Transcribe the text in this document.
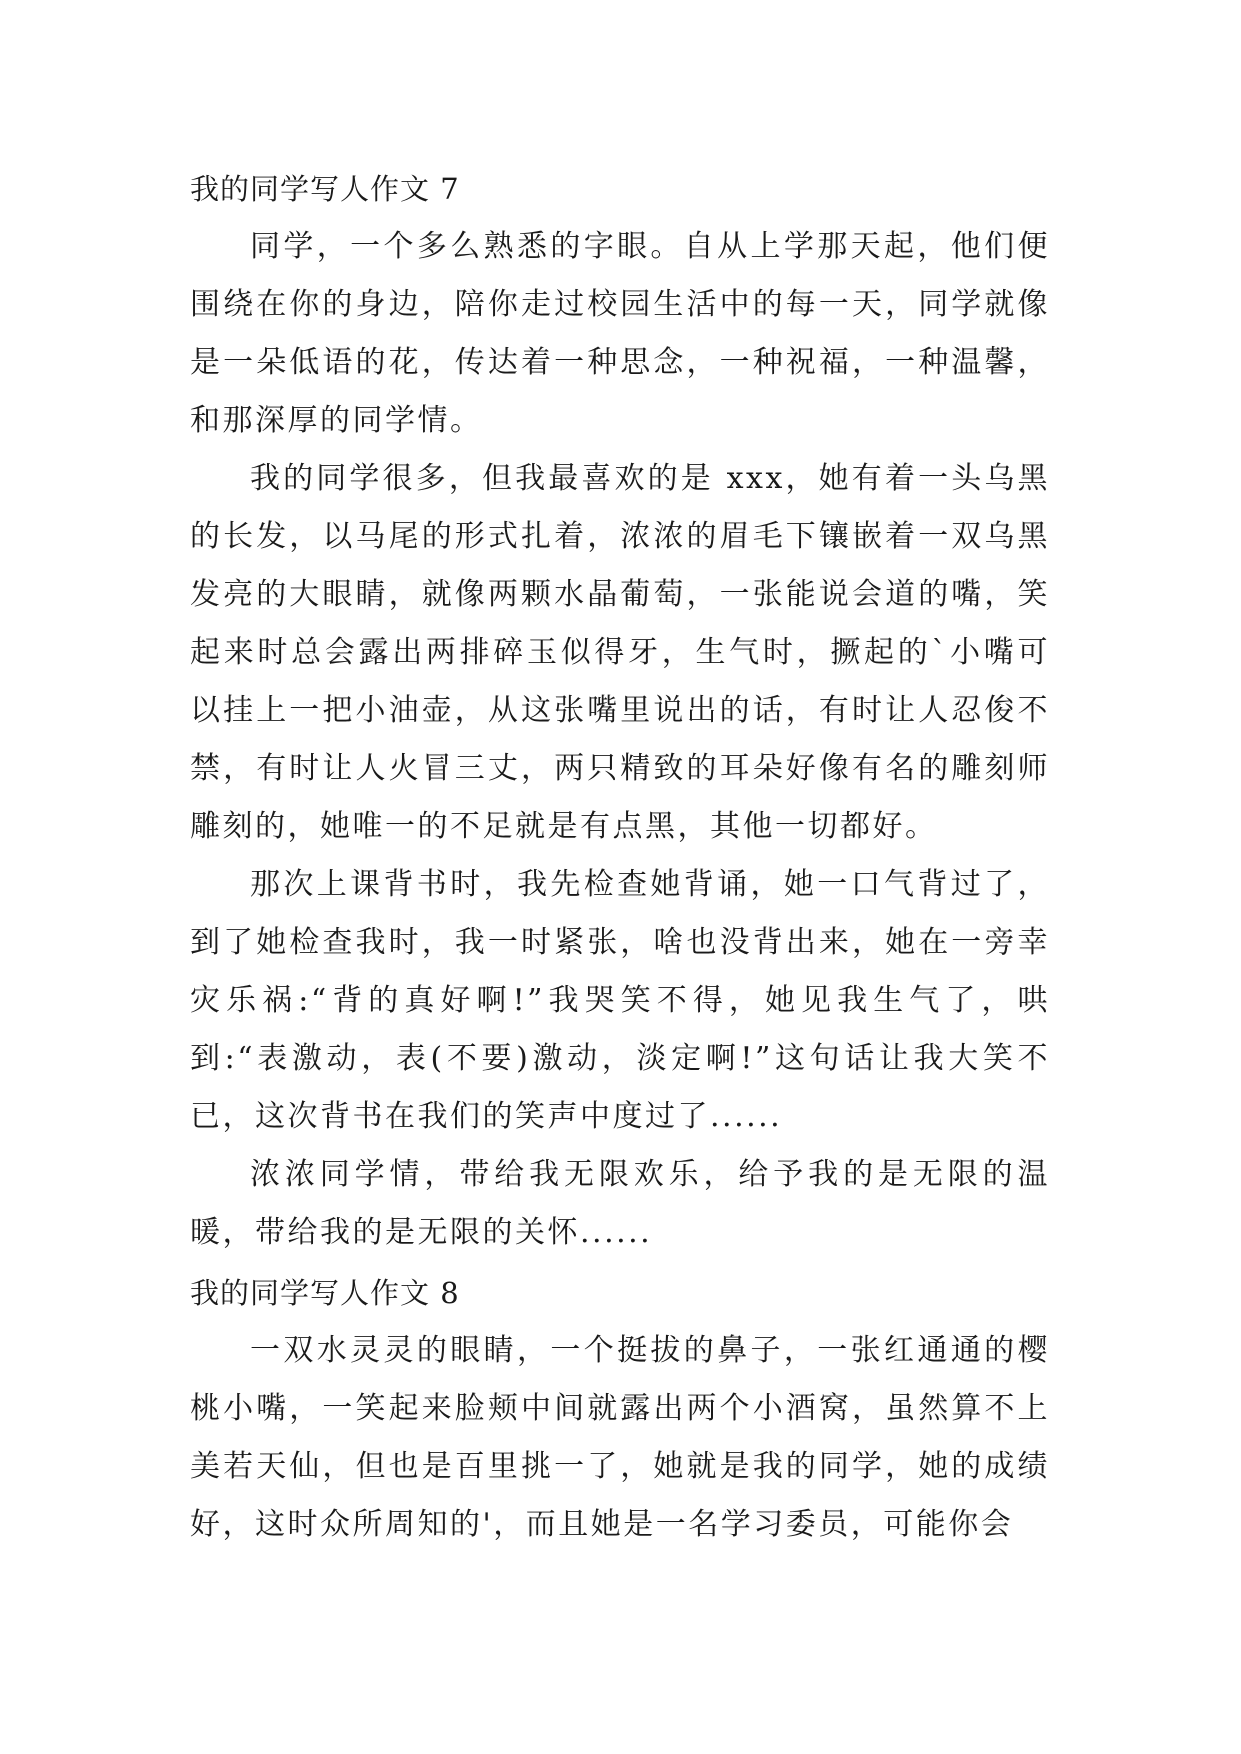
我的同学写人作文 7

同学，一个多么熟悉的字眼。自从上学那天起，他们便围绕在你的身边，陪你走过校园生活中的每一天，同学就像是一朵低语的花，传达着一种思念，一种祝福，一种温馨，和那深厚的同学情。

我的同学很多，但我最喜欢的是 xxx，她有着一头乌黑的长发，以马尾的形式扎着，浓浓的眉毛下镶嵌着一双乌黑发亮的大眼睛，就像两颗水晶葡萄，一张能说会道的嘴，笑起来时总会露出两排碎玉似得牙，生气时，撅起的`小嘴可以挂上一把小油壶，从这张嘴里说出的话，有时让人忍俊不禁，有时让人火冒三丈，两只精致的耳朵好像有名的雕刻师雕刻的，她唯一的不足就是有点黑，其他一切都好。

那次上课背书时，我先检查她背诵，她一口气背过了，到了她检查我时，我一时紧张，啥也没背出来，她在一旁幸灾乐祸:“背的真好啊!”我哭笑不得，她见我生气了，哄到:“表激动，表(不要)激动，淡定啊!”这句话让我大笑不已，这次背书在我们的笑声中度过了......

浓浓同学情，带给我无限欢乐，给予我的是无限的温暖，带给我的是无限的关怀......

我的同学写人作文 8

一双水灵灵的眼睛，一个挺拔的鼻子，一张红通通的樱桃小嘴，一笑起来脸颊中间就露出两个小酒窝，虽然算不上美若天仙，但也是百里挑一了，她就是我的同学，她的成绩好，这时众所周知的'，而且她是一名学习委员，可能你会
